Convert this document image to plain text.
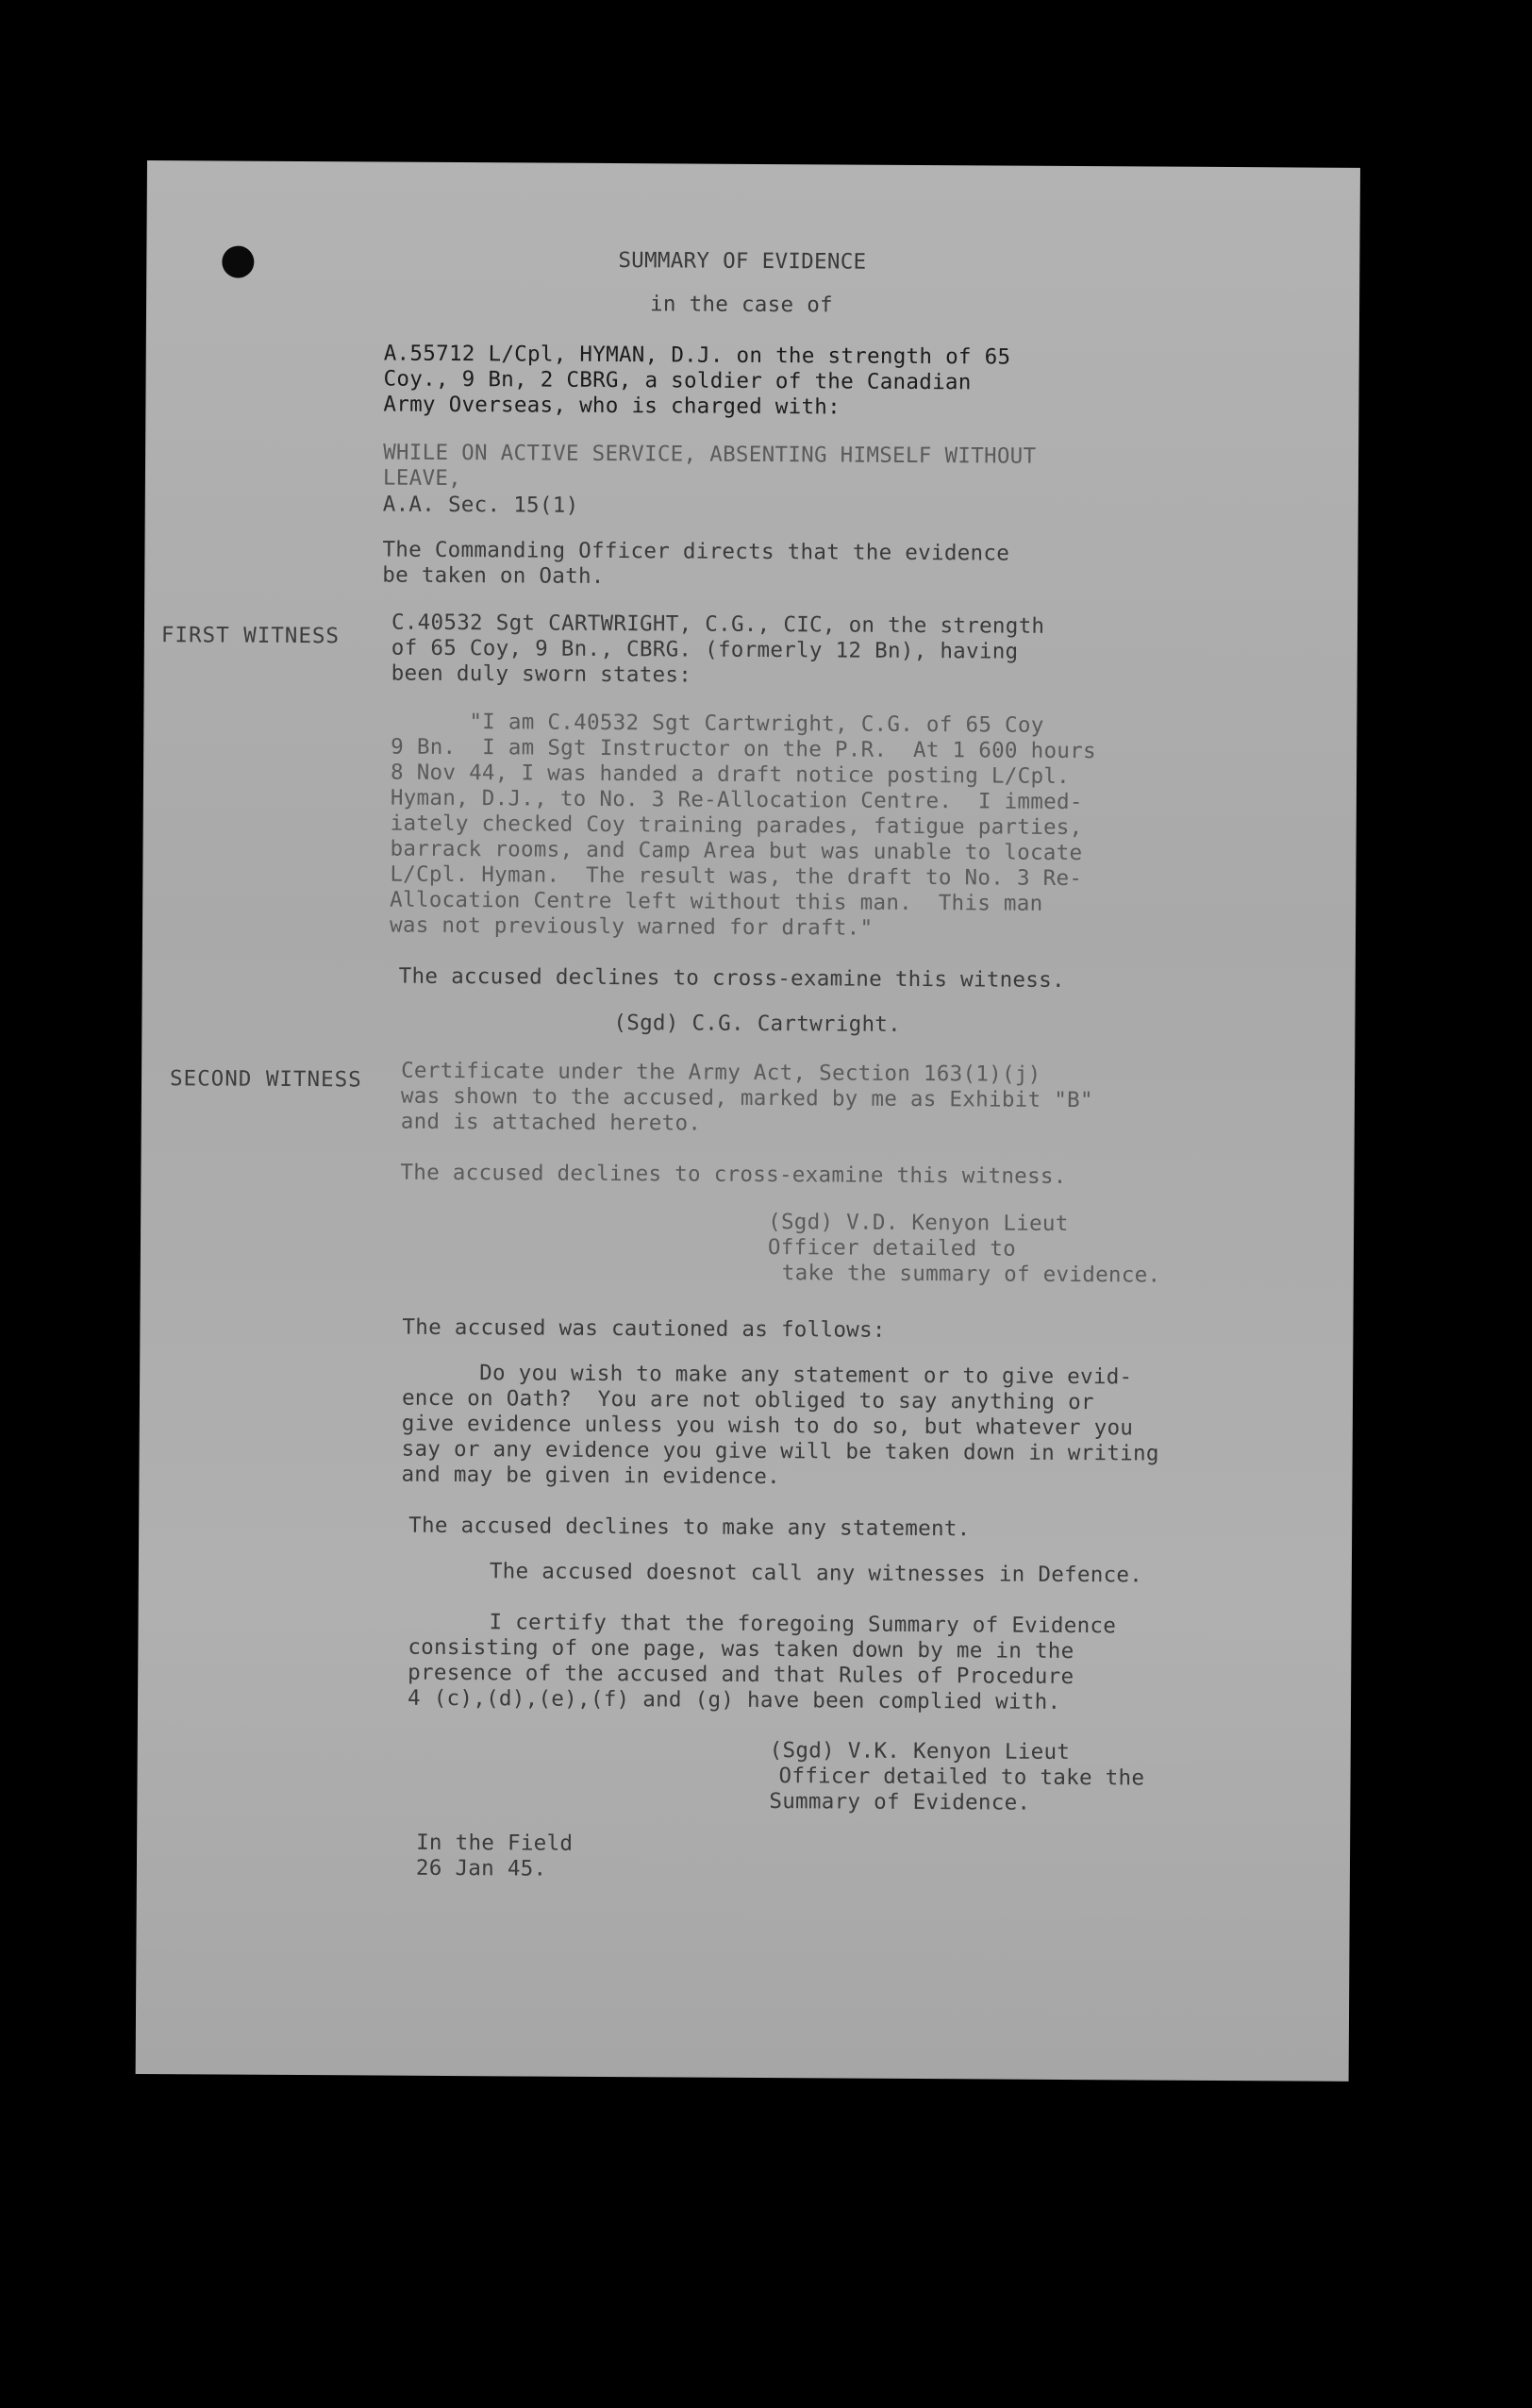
SUMMARY OF EVIDENCE

in the case of

A.55712 L/Cpl, HYMAN, D.J. on the strength of 65

Coy., 9 Bn, 2 CBRG, a soldier of the Canadian

Army Overseas, who is charged with:

WHILE ON ACTIVE SERVICE, ABSENTING HIMSELF WITHOUT

LEAVE,

A.A. Sec. 15(1)

The Commanding Officer directs that the evidence

be taken on Oath.

FIRST WITNESS C.40532 Sgt CARTWRIGHT, C.G., CIC, on the strength

of 65 Coy, 9 Bn., CBRG. (formerly 12 Bn), having

been duly sworn states:

"I am C.40532 Sgt Cartwright, C.G. of 65 Coy

9 Bn.  I am Sgt Instructor on the P.R.  At 1 600 hours

8 Nov 44, I was handed a draft notice posting L/Cpl.

Hyman, D.J., to No. 3 Re-Allocation Centre.  I immed-

iately checked Coy training parades, fatigue parties,

barrack rooms, and Camp Area but was unable to locate

L/Cpl. Hyman.  The result was, the draft to No. 3 Re-

Allocation Centre left without this man.  This man

was not previously warned for draft."

The accused declines to cross-examine this witness.

(Sgd) C.G. Cartwright.

SECOND WITNESS Certificate under the Army Act, Section 163(1)(j)

was shown to the accused, marked by me as Exhibit "B"

and is attached hereto.

The accused declines to cross-examine this witness.

(Sgd) V.D. Kenyon Lieut

Officer detailed to

take the summary of evidence.

The accused was cautioned as follows:

Do you wish to make any statement or to give evid-

ence on Oath?  You are not obliged to say anything or

give evidence unless you wish to do so, but whatever you

say or any evidence you give will be taken down in writing

and may be given in evidence.

The accused declines to make any statement.

The accused doesnot call any witnesses in Defence.

I certify that the foregoing Summary of Evidence

consisting of one page, was taken down by me in the

presence of the accused and that Rules of Procedure

4 (c),(d),(e),(f) and (g) have been complied with.

(Sgd) V.K. Kenyon Lieut

Officer detailed to take the

Summary of Evidence.

In the Field

26 Jan 45.
